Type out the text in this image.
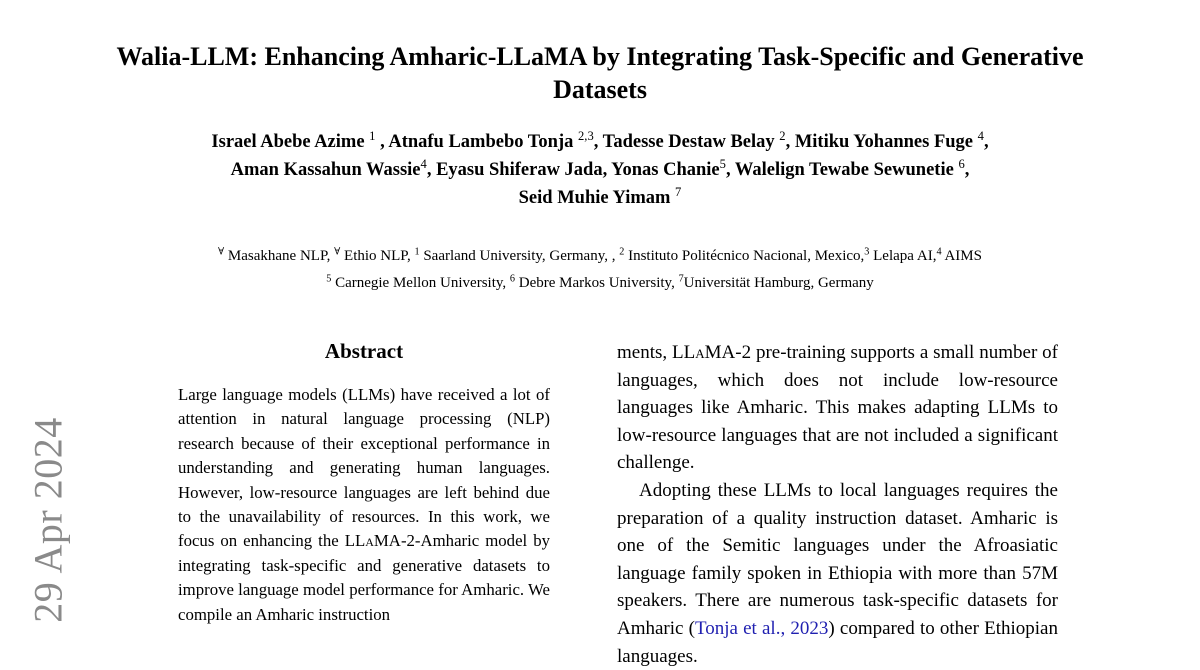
Walia-LLM: Enhancing Amharic-LLaMA by Integrating Task-Specific and Generative Datasets
Israel Abebe Azime $^1$ , Atnafu Lambebo Tonja $^{2,3}$, Tadesse Destaw Belay $^2$, Mitiku Yohannes Fuge $^4$,
Aman Kassahun Wassie$^4$, Eyasu Shiferaw Jada, Yonas Chanie$^5$, Walelign Tewabe Sewunetie $^6$,
Seid Muhie Yimam $^7$
∀ Masakhane NLP, ∀ Ethio NLP, $^1$ Saarland University, Germany, , $^2$ Instituto Politécnico Nacional, Mexico,$^3$ Lelapa AI,$^4$ AIMS
$^5$ Carnegie Mellon University, $^6$ Debre Markos University, $^7$Universität Hamburg, Germany
29 Apr 2024
Abstract

Large language models (LLMs) have received a lot of attention in natural language processing (NLP) research because of their exceptional performance in understanding and generating human languages. However, low-resource languages are left behind due to the unavailability of resources. In this work, we focus on enhancing the LLaMA-2-Amharic model by integrating task-specific and generative datasets to improve language model performance for Amharic. We compile an Amharic instruction

ments, LLaMA-2 pre-training supports a small number of languages, which does not include low-resource languages like Amharic. This makes adapting LLMs to low-resource languages that are not included a significant challenge.

Adopting these LLMs to local languages requires the preparation of a quality instruction dataset. Amharic is one of the Semitic languages under the Afroasiatic language family spoken in Ethiopia with more than 57M speakers. There are numerous task-specific datasets for Amharic (Tonja et al., 2023) compared to other Ethiopian languages.
